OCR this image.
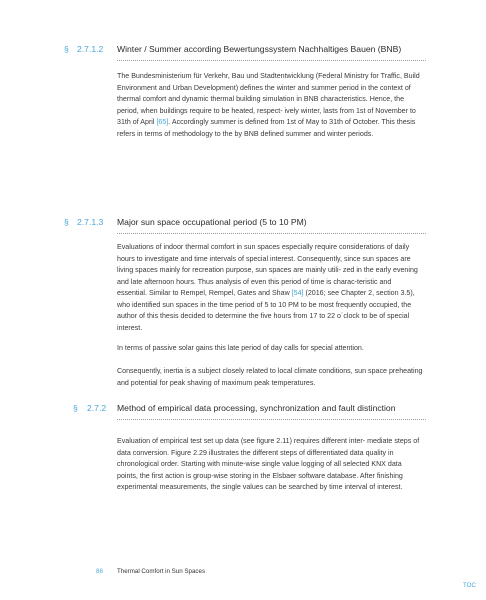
§ 2.7.1.2 Winter / Summer according Bewertungssystem Nachhaltiges Bauen (BNB)

The Bundesministerium für Verkehr, Bau und Stadtentwicklung (Federal Ministry for Traffic, Build Environment and Urban Development) defines the winter and summer period in the context of thermal comfort and dynamic thermal building simulation in BNB characteristics. Hence, the period, when buildings require to be heated, respect- ively winter, lasts from 1st of November to 31th of April [65]. Accordingly summer is defined from 1st of May to 31th of October. This thesis refers in terms of methodology to the by BNB defined summer and winter periods.

§ 2.7.1.3 Major sun space occupational period (5 to 10 PM)

Evaluations of indoor thermal comfort in sun spaces especially require considerations of daily hours to investigate and time intervals of special interest. Consequently, since sun spaces are living spaces mainly for recreation purpose, sun spaces are mainly utili- zed in the early evening and late afternoon hours. Thus analysis of even this period of time is charac-teristic and essential. Similar to Rempel, Rempel, Gates and Shaw [54] (2016; see Chapter 2, section 3.5), who identified sun spaces in the time period of 5 to 10 PM to be most frequently occupied, the author of this thesis decided to determine the five hours from 17 to 22 o´clock to be of special interest.

In terms of passive solar gains this late period of day calls for special attention.

Consequently, inertia is a subject closely related to local climate conditions, sun space preheating and potential for peak shaving of maximum peak temperatures.

§ 2.7.2 Method of empirical data processing, synchronization and fault distinction

Evaluation of empirical test set up data (see figure 2.11) requires different inter- mediate steps of data conversion. Figure 2.29 illustrates the different steps of differentiated data quality in chronological order. Starting with minute-wise single value logging of all selected KNX data points, the first action is group-wise storing in the Elsbaer software database. After finishing experimental measurements, the single values can be searched by time interval of interest.

86 Thermal Comfort in Sun Spaces
TOC
